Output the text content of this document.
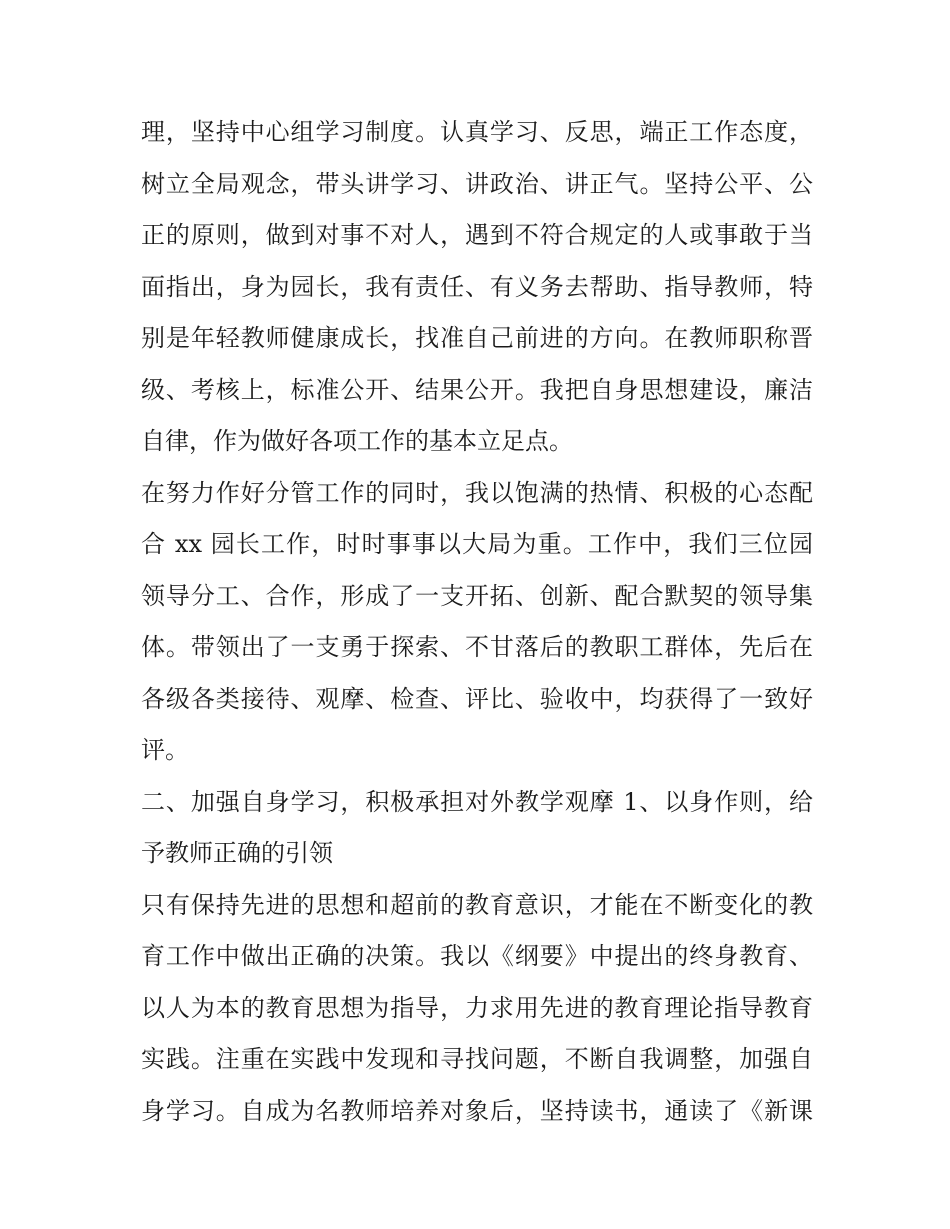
理，坚持中心组学习制度。认真学习、反思，端正工作态度，
树立全局观念，带头讲学习、讲政治、讲正气。坚持公平、公
正的原则，做到对事不对人，遇到不符合规定的人或事敢于当
面指出，身为园长，我有责任、有义务去帮助、指导教师，特
别是年轻教师健康成长，找准自己前进的方向。在教师职称晋
级、考核上，标准公开、结果公开。我把自身思想建设，廉洁
自律，作为做好各项工作的基本立足点。
在努力作好分管工作的同时，我以饱满的热情、积极的心态配
合 xx 园长工作，时时事事以大局为重。工作中，我们三位园
领导分工、合作，形成了一支开拓、创新、配合默契的领导集
体。带领出了一支勇于探索、不甘落后的教职工群体，先后在
各级各类接待、观摩、检查、评比、验收中，均获得了一致好
评。
二、加强自身学习，积极承担对外教学观摩 1、以身作则，给
予教师正确的引领
只有保持先进的思想和超前的教育意识，才能在不断变化的教
育工作中做出正确的决策。我以《纲要》中提出的终身教育、
以人为本的教育思想为指导，力求用先进的教育理论指导教育
实践。注重在实践中发现和寻找问题，不断自我调整，加强自
身学习。自成为名教师培养对象后，坚持读书，通读了《新课
